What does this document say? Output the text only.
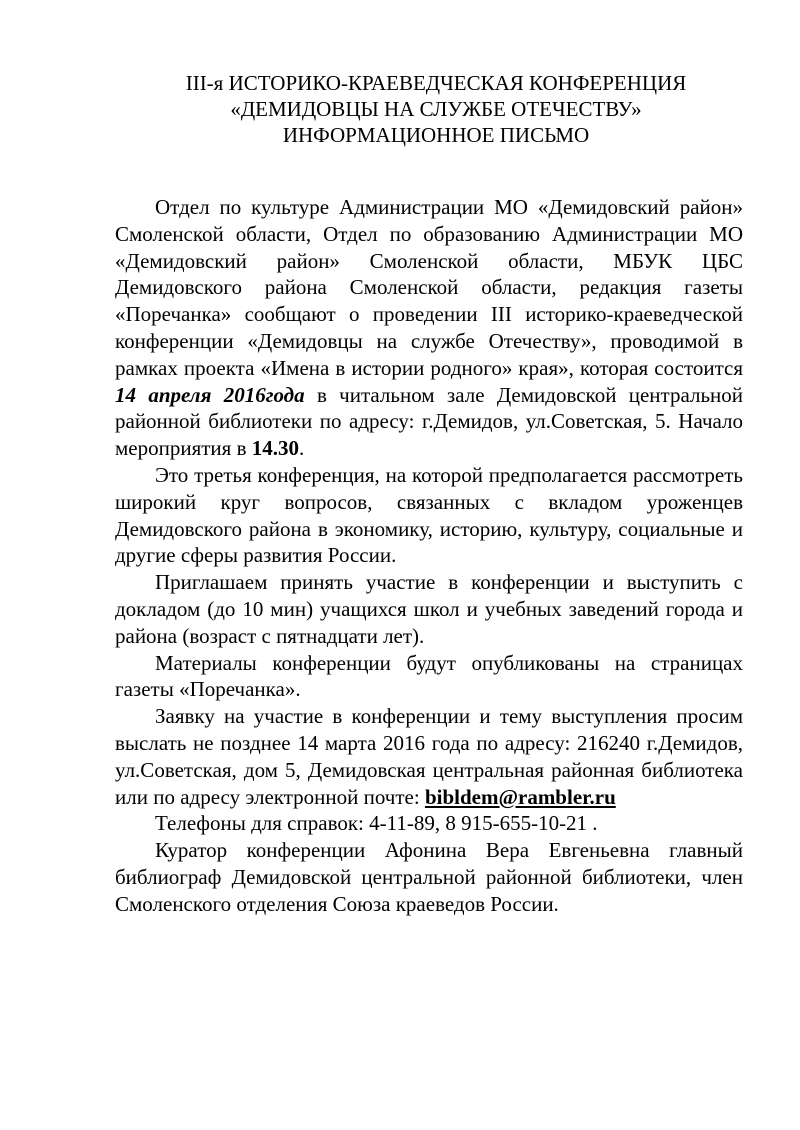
III-я ИСТОРИКО-КРАЕВЕДЧЕСКАЯ КОНФЕРЕНЦИЯ
«ДЕМИДОВЦЫ НА СЛУЖБЕ ОТЕЧЕСТВУ»
ИНФОРМАЦИОННОЕ ПИСЬМО

Отдел по культуре Администрации МО «Демидовский район» Смоленской области, Отдел по образованию Администрации МО «Демидовский район» Смоленской области, МБУК ЦБС Демидовского района Смоленской области, редакция газеты «Поречанка» сообщают о проведении III историко-краеведческой конференции «Демидовцы на службе Отечеству», проводимой в рамках проекта «Имена в истории родного» края», которая состоится 14 апреля 2016года в читальном зале Демидовской центральной районной библиотеки по адресу: г.Демидов, ул.Советская, 5. Начало мероприятия в 14.30.

Это третья конференция, на которой предполагается рассмотреть широкий круг вопросов, связанных с вкладом уроженцев Демидовского района в экономику, историю, культуру, социальные и другие сферы развития России.

Приглашаем принять участие в конференции и выступить с докладом (до 10 мин) учащихся школ и учебных заведений города и района (возраст с пятнадцати лет).

Материалы конференции будут опубликованы на страницах газеты «Поречанка».

Заявку на участие в конференции и тему выступления просим выслать не позднее 14 марта 2016 года по адресу: 216240 г.Демидов, ул.Советская, дом 5, Демидовская центральная районная библиотека или по адресу электронной почте: bibldem@rambler.ru

Телефоны для справок: 4-11-89, 8 915-655-10-21 .

Куратор конференции Афонина Вера Евгеньевна главный библиограф Демидовской центральной районной библиотеки, член Смоленского отделения Союза краеведов России.
